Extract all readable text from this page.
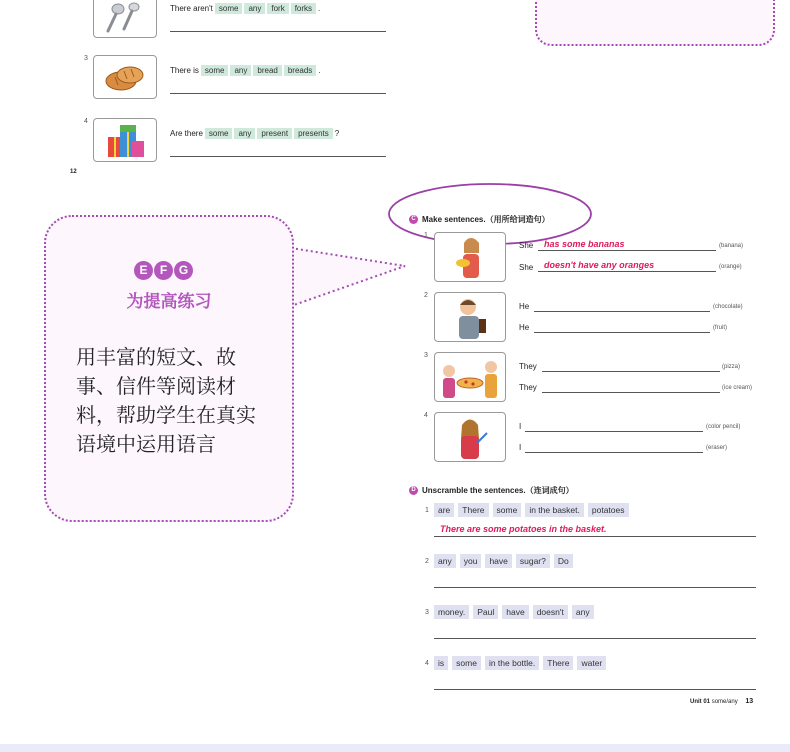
There aren't some	any	fork	forks .
3
There is some	any	bread	breads .
4
Are there some	any	present	presents ?
12
E	F G
为提高练习
用丰富的短文、故事、信件等阅读材料，帮助学生在真实语境中运用语言
C Make sentences.（用所给词造句）
1
She has some bananas	(banana)
She doesn't have any oranges	(orange)
2
He	(chocolate)
He	(fruit)
3
They	(pizza)
They	(ice cream)
4
I	(color pencil)
I	(eraser)
D Unscramble the sentences.（连词成句）
1	are	There	some	in the basket.	potatoes
There are some potatoes in the basket.
2	any	you	have	sugar?	Do
3	money.	Paul	have	doesn't	any
4	is	some	in the bottle.	There	water
Unit 01 some/any 13
